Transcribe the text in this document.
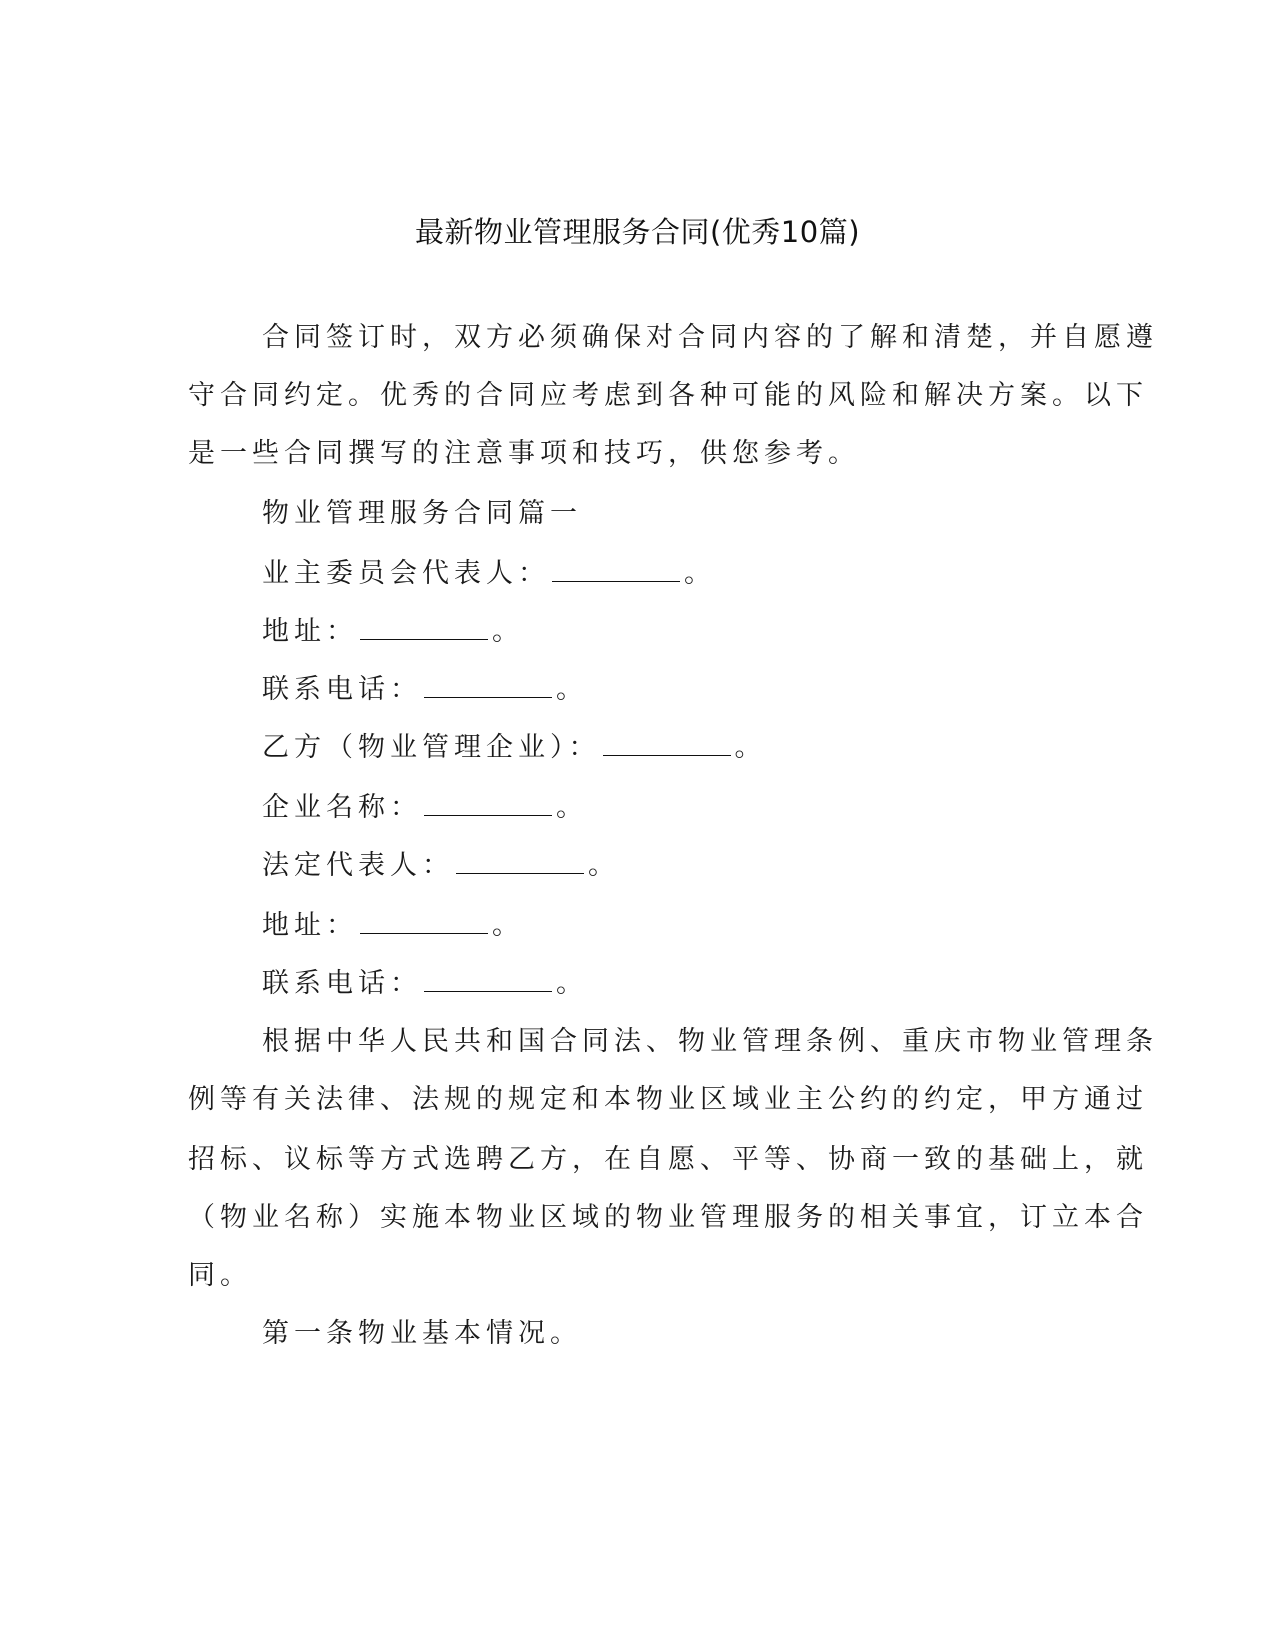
最新物业管理服务合同(优秀10篇)
合同签订时，双方必须确保对合同内容的了解和清楚，并自愿遵
守合同约定。优秀的合同应考虑到各种可能的风险和解决方案。以下
是一些合同撰写的注意事项和技巧，供您参考。
物业管理服务合同篇一
业主委员会代表人：	。
地址：	。
联系电话：	。
乙方（物业管理企业）：	。
企业名称：	。
法定代表人：	。
地址：	。
联系电话：	。
根据中华人民共和国合同法、物业管理条例、重庆市物业管理条
例等有关法律、法规的规定和本物业区域业主公约的约定，甲方通过
招标、议标等方式选聘乙方，在自愿、平等、协商一致的基础上，就
（物业名称）实施本物业区域的物业管理服务的相关事宜，订立本合
同。
第一条物业基本情况。
